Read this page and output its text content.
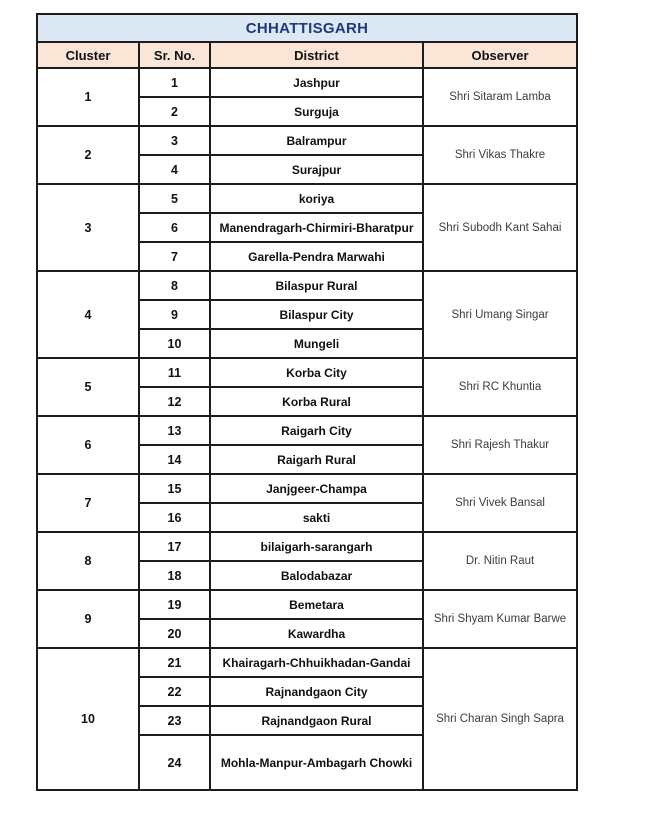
CHHATTISGARH			
Cluster	Sr. No.	District	Observer
1	1	Jashpur	Shri Sitaram Lamba
	2	Surguja	
2	3	Balrampur	Shri Vikas Thakre
	4	Surajpur	
3	5	koriya	Shri Subodh Kant Sahai
	6	Manendragarh-Chirmiri-Bharatpur	
	7	Garella-Pendra Marwahi	
4	8	Bilaspur Rural	Shri Umang Singar
	9	Bilaspur City	
	10	Mungeli	
5	11	Korba City	Shri RC Khuntia
	12	Korba Rural	
6	13	Raigarh City	Shri Rajesh Thakur
	14	Raigarh Rural	
7	15	Janjgeer-Champa	Shri Vivek Bansal
	16	sakti	
8	17	bilaigarh-sarangarh	Dr. Nitin Raut
	18	Balodabazar	
9	19	Bemetara	Shri Shyam Kumar Barwe
	20	Kawardha	
10	21	Khairagarh-Chhuikhadan-Gandai	Shri Charan Singh Sapra
	22	Rajnandgaon City	
	23	Rajnandgaon Rural	
	24	Mohla-Manpur-Ambagarh Chowki	
